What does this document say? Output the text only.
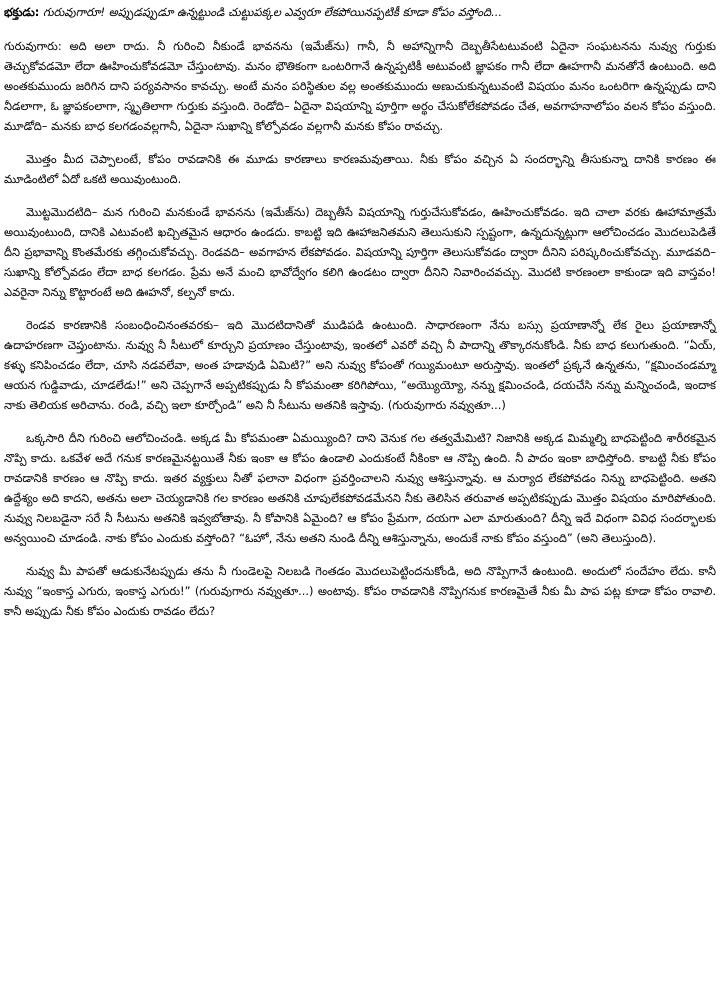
భక్తుడు: గురువుగారూ! అప్పుడప్పుడూ ఉన్నట్టుండి చుట్టుపక్కల ఎవ్వరూ లేకపోయినప్పటికీ కూడా కోపం వస్తోంది...
గురువుగారు: అది అలా రాదు. నీ గురించి నీకుండే భావనను (ఇమేజ్‌ను) గానీ, నీ అహాన్నిగానీ దెబ్బతీసేటటువంటి ఏదైనా సంఘటనను నువ్వు గుర్తుకు తెచ్చుకోవడమో లేదా ఊహించుకోవడమో చేస్తుంటావు. మనం భౌతికంగా ఒంటరిగానే ఉన్నప్పటికీ అటువంటి జ్ఞాపకం గానీ లేదా ఊహగానీ మనతోనే ఉంటుంది. అది అంతకుముందు జరిగిన దాని పర్యవసానం కావచ్చు. అంటే మనం పరిస్థితుల వల్ల అంతకుముందు అణుచుకున్నటువంటి విషయం మనం ఒంటరిగా ఉన్నప్పుడు దాని నీడలాగా, ఓ జ్ఞాపకంలాగా, స్మృతిలాగా గుర్తుకు వస్తుంది. రెండోది– ఏదైనా విషయాన్ని పూర్తిగా అర్థం చేసుకోలేకపోవడం చేత, అవగాహనాలోపం వలన కోపం వస్తుంది. మూడోది– మనకు బాధ కలగడంవల్లగానీ, ఏదైనా సుఖాన్ని కోల్పోవడం వల్లగానీ మనకు కోపం రావచ్చు.
మొత్తం మీద చెప్పాలంటే, కోపం రావడానికి ఈ మూడు కారణాలు కారణమవుతాయి. నీకు కోపం వచ్చిన ఏ సందర్భాన్ని తీసుకున్నా దానికి కారణం ఈ మూడింటిలో ఏదో ఒకటి అయివుంటుంది.
మొట్టమొదటిది– మన గురించి మనకుండే భావనను (ఇమేజ్‌ను) దెబ్బతీసే విషయాన్ని గుర్తుచేసుకోవడం, ఊహించుకోవడం. ఇది చాలా వరకు ఊహామాత్రమే అయివుంటుంది, దానికి ఎటువంటి ఖచ్చితమైన ఆధారం ఉండదు. కాబట్టి ఇది ఊహాజనితమని తెలుసుకుని స్పష్టంగా, ఉన్నదున్నట్లుగా ఆలోచించడం మొదలుపెడితే దీని ప్రభావాన్ని కొంతమేరకు తగ్గించుకోవచ్చు. రెండవది– అవగాహన లేకపోవడం. విషయాన్ని పూర్తిగా తెలుసుకోవడం ద్వారా దీనిని పరిష్కరించుకోవచ్చు. మూడవది– సుఖాన్ని కోల్పోవడం లేదా బాధ కలగడం. ప్రేమ అనే మంచి భావోద్వేగం కలిగి ఉండటం ద్వారా దీనిని నివారించవచ్చు. మొదటి కారణంలా కాకుండా ఇది వాస్తవం! ఎవరైనా నిన్ను కొట్టారంటే అది ఊహనో, కల్పనో కాదు.
రెండవ కారణానికి సంబంధించినంతవరకు– ఇది మొదటిదానితో ముడిపడి ఉంటుంది. సాధారణంగా నేను బస్సు ప్రయాణాన్నో లేక రైలు ప్రయాణాన్నో ఉదాహరణగా చెప్తుంటాను. నువ్వు నీ సీటులో కూర్చుని ప్రయాణం చేస్తుంటావు, ఇంతలో ఎవరో వచ్చి నీ పాదాన్ని తొక్కారనుకోండి. నీకు బాధ కలుగుతుంది. “ఏయ్, కళ్ళు కనిపించడం లేదా, చూసి నడవలేవా, అంత హడావుడి ఏమిటి?” అని నువ్వు కోపంతో గయ్యిమంటూ అరుస్తావు. ఇంతలో ప్రక్కనే ఉన్నతను, “క్షమించండమ్మా ఆయన గుడ్డివాడు, చూడలేడు!” అని చెప్పగానే అప్పటికప్పుడు నీ కోపమంతా కరిగిపోయి, “అయ్యొయ్యో, నన్ను క్షమించండి, దయచేసి నన్ను మన్నించండి, ఇందాక నాకు తెలియక అరిచాను. రండి, వచ్చి ఇలా కూర్చోండి” అని నీ సీటును అతనికి ఇస్తావు. (గురువుగారు నవ్వుతూ...)
ఒక్కసారి దీని గురించి ఆలోచించండి. అక్కడ మీ కోపమంతా ఏమయ్యింది? దాని వెనుక గల తత్వమేమిటి? నిజానికి అక్కడ మిమ్మల్ని బాధపెట్టింది శారీరకమైన నొప్పి కాదు. ఒకవేళ అదే గనుక కారణమైనట్టయితే నీకు ఇంకా ఆ కోపం ఉండాలి ఎందుకంటే నీకింకా ఆ నొప్పి ఉంది. నీ పాదం ఇంకా బాధిస్తోంది. కాబట్టి నీకు కోపం రావడానికి కారణం ఆ నొప్పి కాదు. ఇతర వ్యక్తులు నీతో ఫలానా విధంగా ప్రవర్తించాలని నువ్వు ఆశిస్తున్నావు. ఆ మర్యాద లేకపోవడం నిన్ను బాధపెట్టింది. అతని ఉద్దేశ్యం అది కాదని, అతను అలా చెయ్యడానికి గల కారణం అతనికి చూపులేకపోవడమేనని నీకు తెలిసిన తరువాత అప్పటికప్పుడు మొత్తం విషయం మారిపోతుంది. నువ్వు నిలబడైనా సరే నీ సీటును అతనికి ఇవ్వబోతావు. నీ కోపానికి ఏమైంది? ఆ కోపం ప్రేమగా, దయగా ఎలా మారుతుంది? దీన్ని ఇదే విధంగా వివిధ సందర్భాలకు అన్వయించి చూడండి. నాకు కోపం ఎందుకు వస్తోంది? “ఓహో, నేను అతని నుండి దీన్ని ఆశిస్తున్నాను, అందుకే నాకు కోపం వస్తుంది” (అని తెలుస్తుంది).
నువ్వు మీ పాపతో ఆడుకునేటప్పుడు తను నీ గుండెలపై నిలబడి గెంతడం మొదలుపెట్టిందనుకోండి, అది నొప్పిగానే ఉంటుంది. అందులో సందేహం లేదు. కానీ నువ్వు “ఇంకాస్త ఎగురు, ఇంకాస్త ఎగురు!” (గురువుగారు నవ్వుతూ...) అంటావు. కోపం రావడానికి నొప్పిగనుక కారణమైతే నీకు మీ పాప పట్ల కూడా కోపం రావాలి. కానీ అప్పుడు నీకు కోపం ఎందుకు రావడం లేదు?
